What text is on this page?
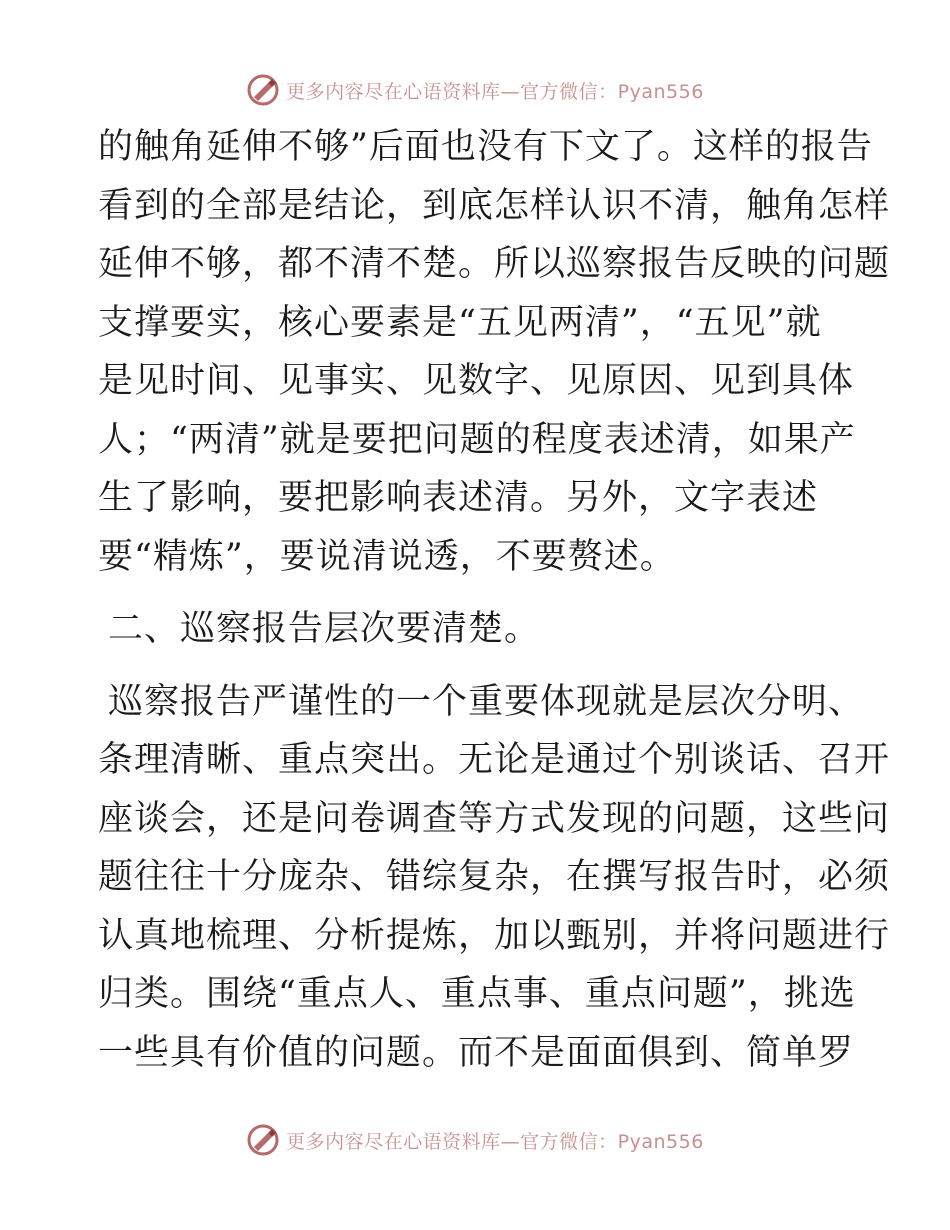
更多内容尽在心语资料库—官方微信：Pyan556
的触角延伸不够”后面也没有下文了。这样的报告
看到的全部是结论，到底怎样认识不清，触角怎样
延伸不够，都不清不楚。所以巡察报告反映的问题
支撑要实，核心要素是“五见两清”，“五见”就
是见时间、见事实、见数字、见原因、见到具体
人；“两清”就是要把问题的程度表述清，如果产
生了影响，要把影响表述清。另外，文字表述
要“精炼”，要说清说透，不要赘述。
二、巡察报告层次要清楚。
巡察报告严谨性的一个重要体现就是层次分明、
条理清晰、重点突出。无论是通过个别谈话、召开
座谈会，还是问卷调查等方式发现的问题，这些问
题往往十分庞杂、错综复杂，在撰写报告时，必须
认真地梳理、分析提炼，加以甄别，并将问题进行
归类。围绕“重点人、重点事、重点问题”，挑选
一些具有价值的问题。而不是面面俱到、简单罗
更多内容尽在心语资料库—官方微信：Pyan556
